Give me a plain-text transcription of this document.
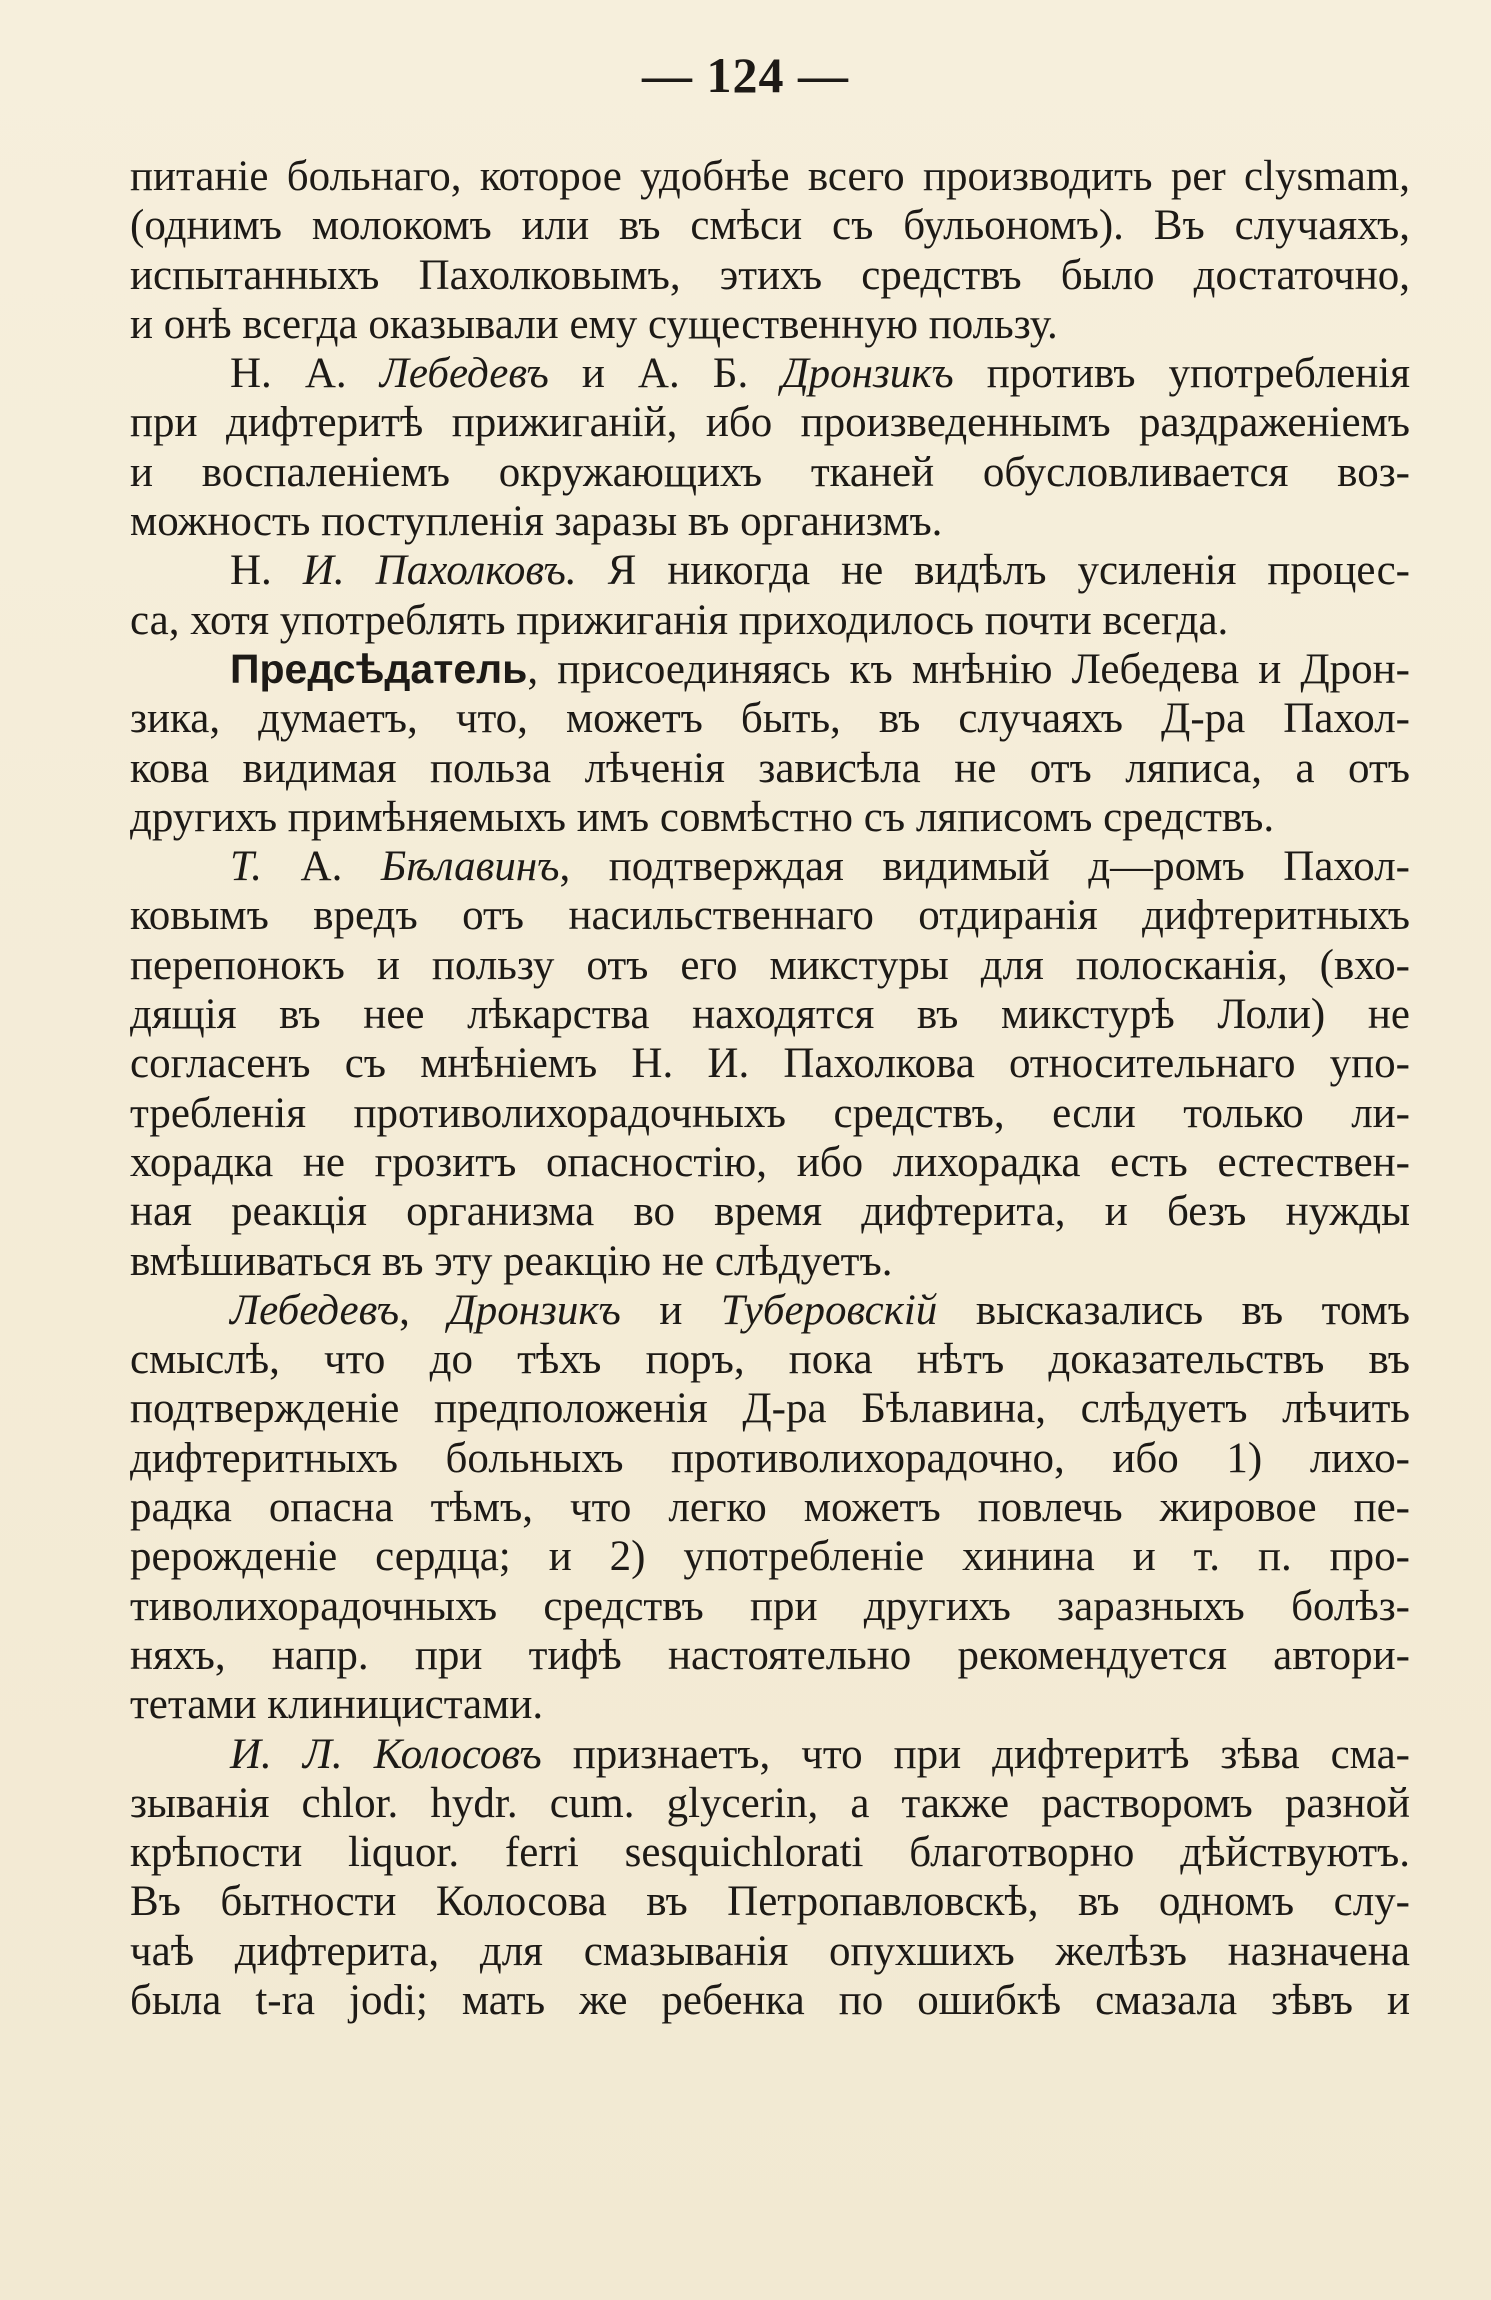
— 124 —
питаніе больнаго, которое удобнѣе всего производить per clysmam,
(однимъ молокомъ или въ смѣси съ бульономъ). Въ случаяхъ,
испытанныхъ Пахолковымъ, этихъ средствъ было достаточно,
и онѣ всегда оказывали ему существенную пользу.
Н. А. Лебедевъ и А. Б. Дронзикъ противъ употребленія
при дифтеритѣ прижиганій, ибо произведеннымъ раздраженіемъ
и воспаленіемъ окружающихъ тканей обусловливается воз-
можность поступленія заразы въ организмъ.
Н. И. Пахолковъ. Я никогда не видѣлъ усиленія процес-
са, хотя употреблять прижиганія приходилось почти всегда.
Предсѣдатель, присоединяясь къ мнѣнію Лебедева и Дрон-
зика, думаетъ, что, можетъ быть, въ случаяхъ Д-ра Пахол-
кова видимая польза лѣченія зависѣла не отъ ляписа, а отъ
другихъ примѣняемыхъ имъ совмѣстно съ ляписомъ средствъ.
Т. А. Бѣлавинъ, подтверждая видимый д—ромъ Пахол-
ковымъ вредъ отъ насильственнаго отдиранія дифтеритныхъ
перепонокъ и пользу отъ его микстуры для полосканія, (вхо-
дящія въ нее лѣкарства находятся въ микстурѣ Лоли) не
согласенъ съ мнѣніемъ Н. И. Пахолкова относительнаго упо-
требленія противолихорадочныхъ средствъ, если только ли-
хорадка не грозитъ опасностію, ибо лихорадка есть естествен-
ная реакція организма во время дифтерита, и безъ нужды
вмѣшиваться въ эту реакцію не слѣдуетъ.
Лебедевъ, Дронзикъ и Туберовскій высказались въ томъ
смыслѣ, что до тѣхъ поръ, пока нѣтъ доказательствъ въ
подтвержденіе предположенія Д-ра Бѣлавина, слѣдуетъ лѣчить
дифтеритныхъ больныхъ противолихорадочно, ибо 1) лихо-
радка опасна тѣмъ, что легко можетъ повлечь жировое пе-
рерожденіе сердца; и 2) употребленіе хинина и т. п. про-
тиволихорадочныхъ средствъ при другихъ заразныхъ болѣз-
няхъ, напр. при тифѣ настоятельно рекомендуется автори-
тетами клиницистами.
И. Л. Колосовъ признаетъ, что при дифтеритѣ зѣва сма-
зыванія chlor. hydr. cum. glycerin, а также растворомъ разной
крѣпости liquor. ferri sesquichlorati благотворно дѣйствуютъ.
Въ бытности Колосова въ Петропавловскѣ, въ одномъ слу-
чаѣ дифтерита, для смазыванія опухшихъ желѣзъ назначена
была t-ra jodi; мать же ребенка по ошибкѣ смазала зѣвъ и
